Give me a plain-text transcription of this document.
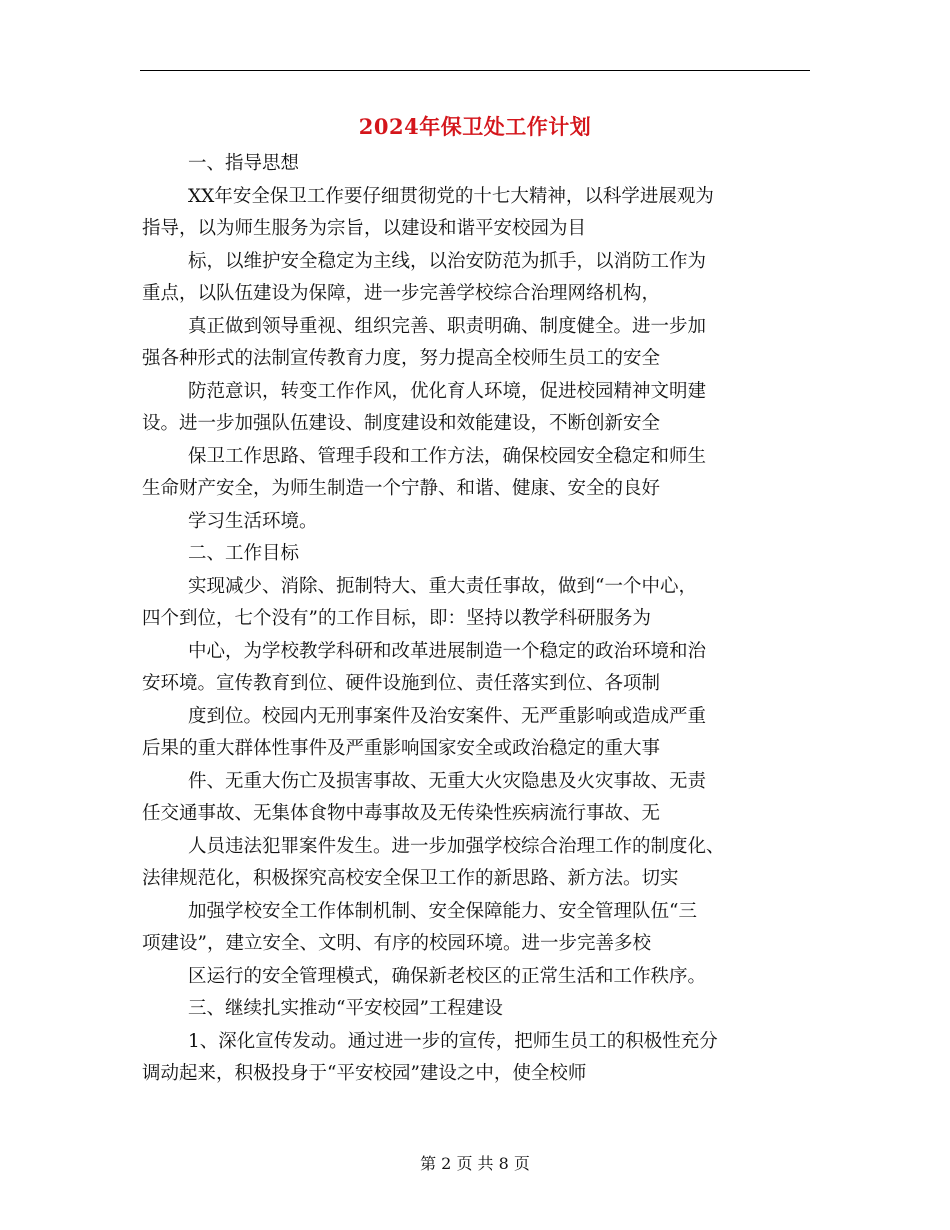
2024年保卫处工作计划
一、指导思想
XX年安全保卫工作要仔细贯彻党的十七大精神，以科学进展观为
指导，以为师生服务为宗旨，以建设和谐平安校园为目
标，以维护安全稳定为主线，以治安防范为抓手，以消防工作为
重点，以队伍建设为保障，进一步完善学校综合治理网络机构，
真正做到领导重视、组织完善、职责明确、制度健全。进一步加
强各种形式的法制宣传教育力度，努力提高全校师生员工的安全
防范意识，转变工作作风，优化育人环境，促进校园精神文明建
设。进一步加强队伍建设、制度建设和效能建设，不断创新安全
保卫工作思路、管理手段和工作方法，确保校园安全稳定和师生
生命财产安全，为师生制造一个宁静、和谐、健康、安全的良好
学习生活环境。
二、工作目标
实现减少、消除、扼制特大、重大责任事故，做到“一个中心，
四个到位，七个没有”的工作目标，即：坚持以教学科研服务为
中心，为学校教学科研和改革进展制造一个稳定的政治环境和治
安环境。宣传教育到位、硬件设施到位、责任落实到位、各项制
度到位。校园内无刑事案件及治安案件、无严重影响或造成严重
后果的重大群体性事件及严重影响国家安全或政治稳定的重大事
件、无重大伤亡及损害事故、无重大火灾隐患及火灾事故、无责
任交通事故、无集体食物中毒事故及无传染性疾病流行事故、无
人员违法犯罪案件发生。进一步加强学校综合治理工作的制度化、
法律规范化，积极探究高校安全保卫工作的新思路、新方法。切实
加强学校安全工作体制机制、安全保障能力、安全管理队伍“三
项建设”，建立安全、文明、有序的校园环境。进一步完善多校
区运行的安全管理模式，确保新老校区的正常生活和工作秩序。
三、继续扎实推动“平安校园”工程建设
1、深化宣传发动。通过进一步的宣传，把师生员工的积极性充分
调动起来，积极投身于“平安校园”建设之中，使全校师
第 2 页 共 8 页
